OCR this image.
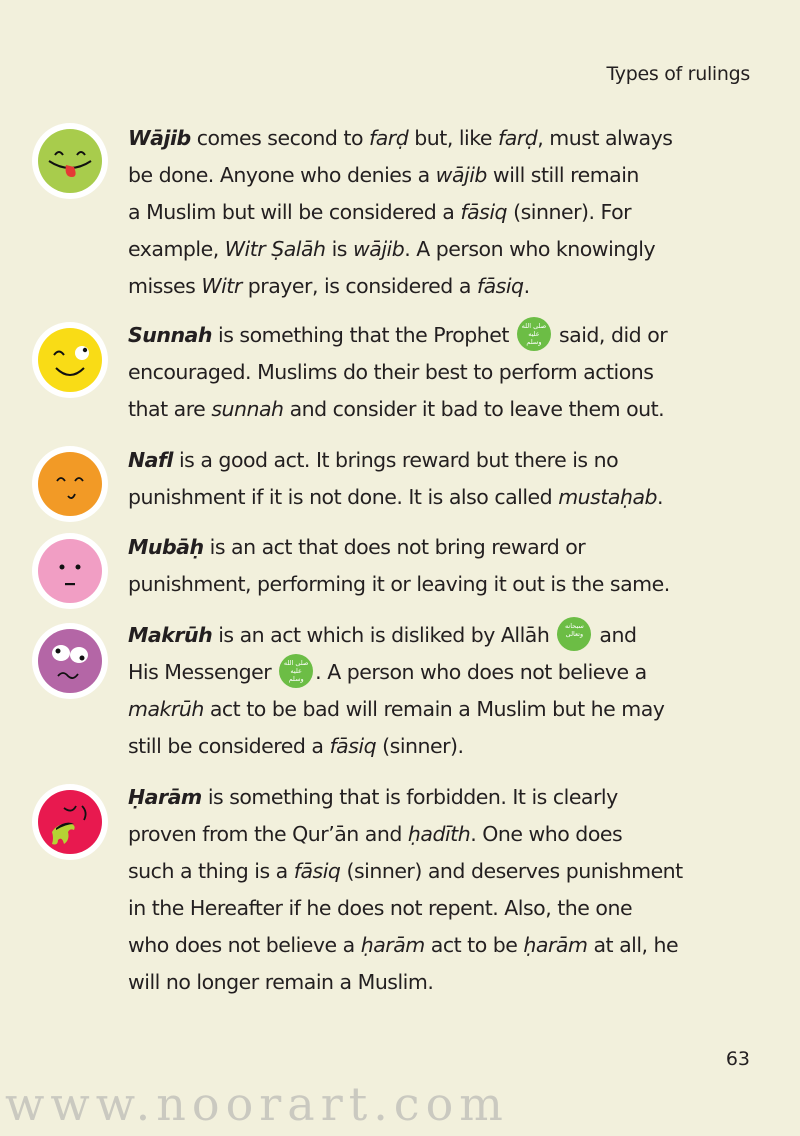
Types of rulings
Wājib comes second to farḍ but, like farḍ, must always
be done. Anyone who denies a wājib will still remain
a Muslim but will be considered a fāsiq (sinner). For
example, Witr Ṣalāh is wājib. A person who knowingly
misses Witr prayer, is considered a fāsiq.
Sunnah is something that the Prophet صلى الله عليه وسلم said, did or
encouraged. Muslims do their best to perform actions
that are sunnah and consider it bad to leave them out.
Nafl is a good act. It brings reward but there is no
punishment if it is not done. It is also called mustaḥab.
Mubāḥ is an act that does not bring reward or
punishment, performing it or leaving it out is the same.
Makrūh is an act which is disliked by Allāh سبحانه وتعالى and
His Messenger صلى الله عليه وسلم . A person who does not believe a
makrūh act to be bad will remain a Muslim but he may
still be considered a fāsiq (sinner).
Ḥarām is something that is forbidden. It is clearly
proven from the Qur’ān and ḥadīth. One who does
such a thing is a fāsiq (sinner) and deserves punishment
in the Hereafter if he does not repent. Also, the one
who does not believe a ḥarām act to be ḥarām at all, he
will no longer remain a Muslim.
www.noorart.com
63
